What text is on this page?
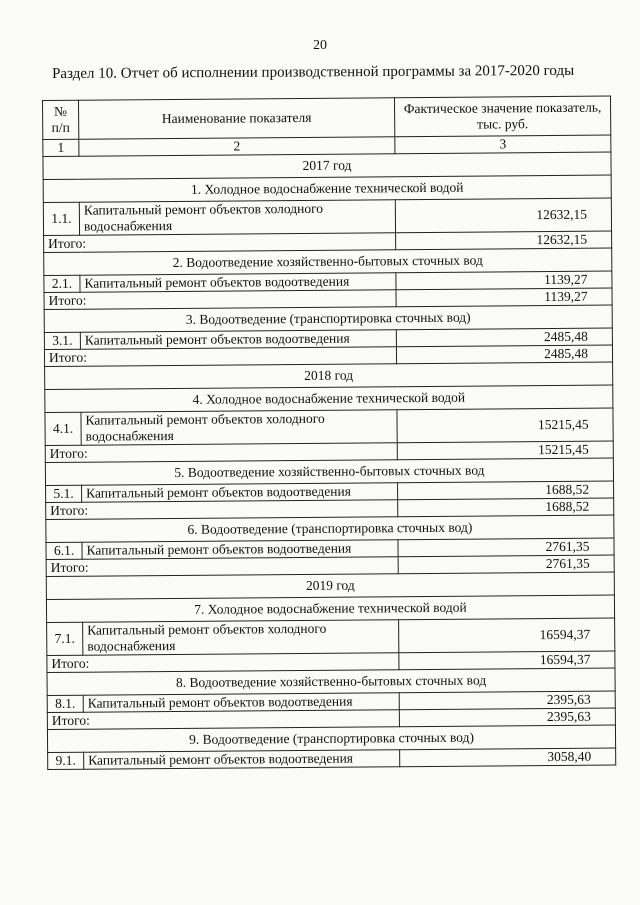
20
Раздел 10. Отчет об исполнении производственной программы за 2017-2020 годы
№ п/п	Наименование показателя	Фактическое значение показатель, тыс. руб.
1	2	3
2017 год		
1. Холодное водоснабжение технической водой		
1.1.	Капитальный ремонт объектов холодного водоснабжения	12632,15
Итого:		12632,15
2. Водоотведение хозяйственно-бытовых сточных вод		
2.1.	Капитальный ремонт объектов водоотведения	1139,27
Итого:		1139,27
3. Водоотведение (транспортировка сточных вод)		
3.1.	Капитальный ремонт объектов водоотведения	2485,48
Итого:		2485,48
2018 год		
4. Холодное водоснабжение технической водой		
4.1.	Капитальный ремонт объектов холодного водоснабжения	15215,45
Итого:		15215,45
5. Водоотведение хозяйственно-бытовых сточных вод		
5.1.	Капитальный ремонт объектов водоотведения	1688,52
Итого:		1688,52
6. Водоотведение (транспортировка сточных вод)		
6.1.	Капитальный ремонт объектов водоотведения	2761,35
Итого:		2761,35
2019 год		
7. Холодное водоснабжение технической водой		
7.1.	Капитальный ремонт объектов холодного водоснабжения	16594,37
Итого:		16594,37
8. Водоотведение хозяйственно-бытовых сточных вод		
8.1.	Капитальный ремонт объектов водоотведения	2395,63
Итого:		2395,63
9. Водоотведение (транспортировка сточных вод)		
9.1.	Капитальный ремонт объектов водоотведения	3058,40
